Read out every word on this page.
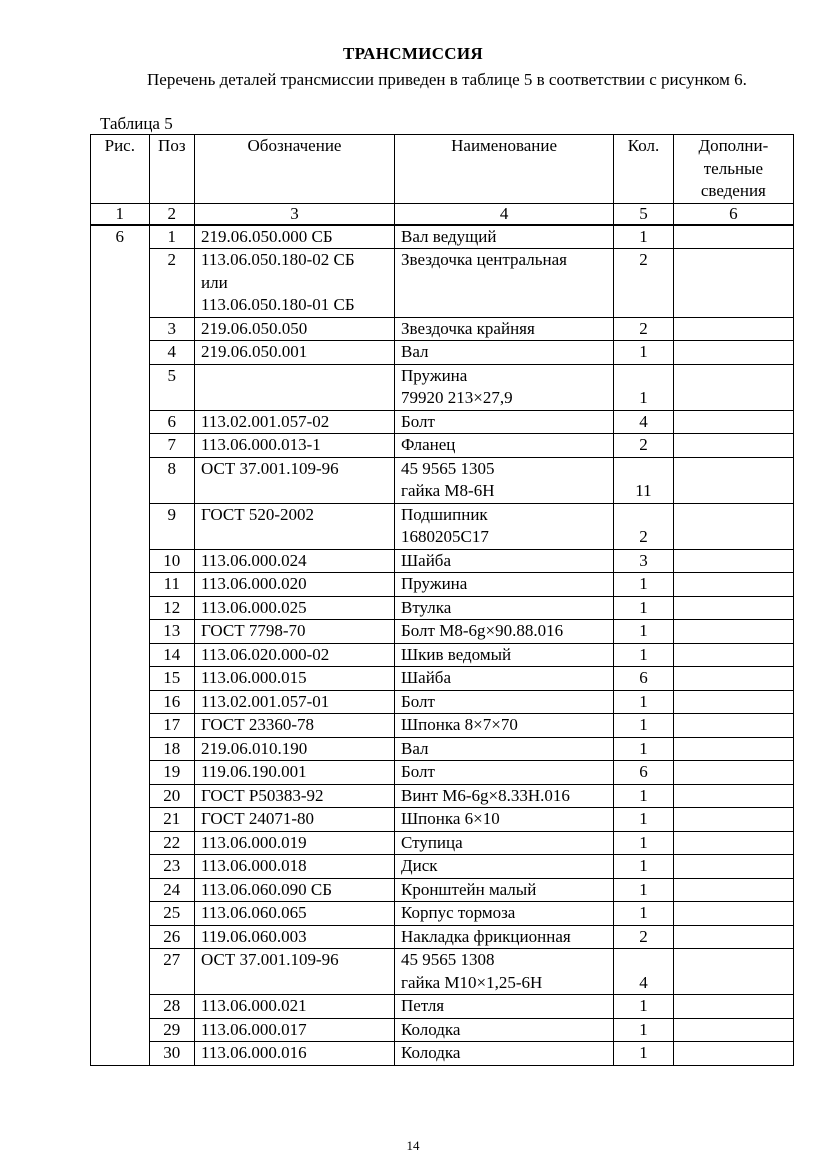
ТРАНСМИССИЯ
Перечень деталей трансмиссии приведен в таблице 5 в соответствии с рисунком 6.
Таблица 5
Рис.	Поз	Обозначение	Наименование	Кол.	Дополни-
тельные
сведения

1	2	3	4	5	6
6	1	219.06.050.000 СБ	Вал ведущий	1	
	2	113.06.050.180-02 СБ
или
113.06.050.180-01 СБ	Звездочка центральная	2	
	3	219.06.050.050	Звездочка крайняя	2	
	4	219.06.050.001	Вал	1	
	5		Пружина
79920 213×27,9	1	
	6	113.02.001.057-02	Болт	4	
	7	113.06.000.013-1	Фланец	2	
	8	ОСТ 37.001.109-96	45 9565 1305
гайка М8-6Н	11	
	9	ГОСТ 520-2002	Подшипник
1680205С17	2	
	10	113.06.000.024	Шайба	3	
	11	113.06.000.020	Пружина	1	
	12	113.06.000.025	Втулка	1	
	13	ГОСТ 7798-70	Болт М8-6g×90.88.016	1	
	14	113.06.020.000-02	Шкив ведомый	1	
	15	113.06.000.015	Шайба	6	
	16	113.02.001.057-01	Болт	1	
	17	ГОСТ 23360-78	Шпонка 8×7×70	1	
	18	219.06.010.190	Вал	1	
	19	119.06.190.001	Болт	6	
	20	ГОСТ Р50383-92	Винт М6-6g×8.33Н.016	1	
	21	ГОСТ 24071-80	Шпонка 6×10	1	
	22	113.06.000.019	Ступица	1	
	23	113.06.000.018	Диск	1	
	24	113.06.060.090 СБ	Кронштейн малый	1	
	25	113.06.060.065	Корпус тормоза	1	
	26	119.06.060.003	Накладка фрикционная	2	
	27	ОСТ 37.001.109-96	45 9565 1308
гайка М10×1,25-6Н	4	
	28	113.06.000.021	Петля	1	
	29	113.06.000.017	Колодка	1	
	30	113.06.000.016	Колодка	1	
14
